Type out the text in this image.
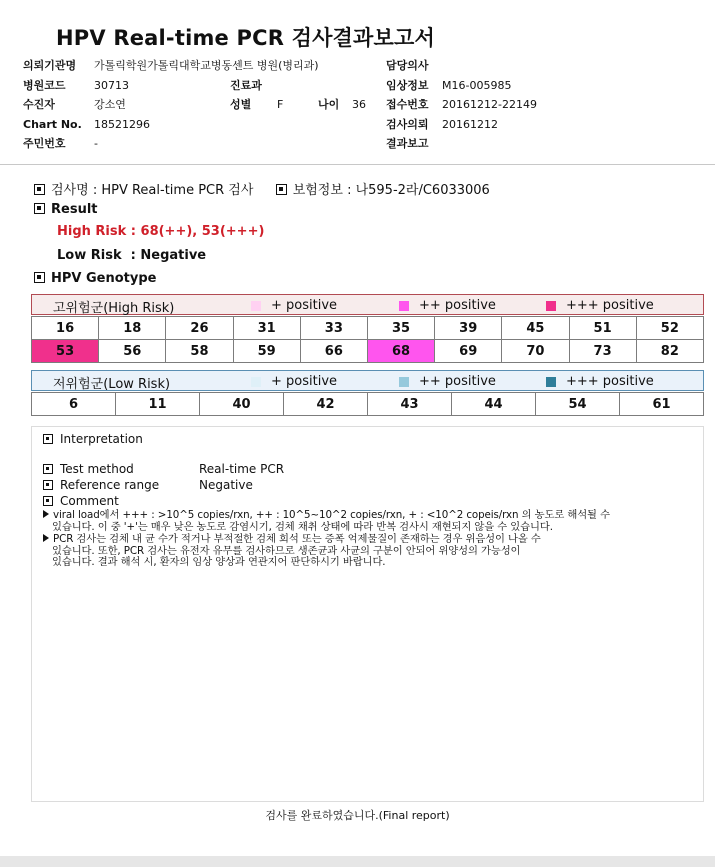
HPV Real-time PCR 검사결과보고서
의뢰기관명 가톨릭학원가톨릭대학교병동센트 병원(병리과)
병원코드	30713	진료과
수진자	강소연	성별 F	나이 36
Chart No. 18521296
주민번호	-
담당의사
임상정보 M16-005985
접수번호 20161212-22149
검사의뢰 20161212
결과보고
검사명 : HPV Real-time PCR 검사	보험정보 : 나595-2라/C6033006
Result
High Risk : 68(++), 53(+++)
Low Risk  : Negative
HPV Genotype
고위험군(High Risk)	+ positive	++ positive	+++ positive
16	18	26	31	33	35	39	45	51	52
53	56	58	59	66	68	69	70	73	82
저위험군(Low Risk)	+ positive	++ positive	+++ positive
6	11	40	42	43	44	54	61
Interpretation
Test method	Real-time PCR
Reference range	Negative
Comment
viral load에서 +++ : >10^5 copies/rxn, ++ : 10^5~10^2 copies/rxn, + : <10^2 copeis/rxn 의 농도로 해석될 수
있습니다. 이 중 '+'는 매우 낮은 농도로 감염시기, 검체 채취 상태에 따라 반복 검사시 재현되지 않을 수 있습니다.
PCR 검사는 검체 내 균 수가 적거나 부적절한 검체 희석 또는 증폭 억제물질이 존재하는 경우 위음성이 나올 수
있습니다. 또한, PCR 검사는 유전자 유무를 검사하므로 생존균과 사균의 구분이 안되어 위양성의 가능성이
있습니다. 결과 해석 시, 환자의 임상 양상과 연관지어 판단하시기 바랍니다.
검사를 완료하였습니다.(Final report)
